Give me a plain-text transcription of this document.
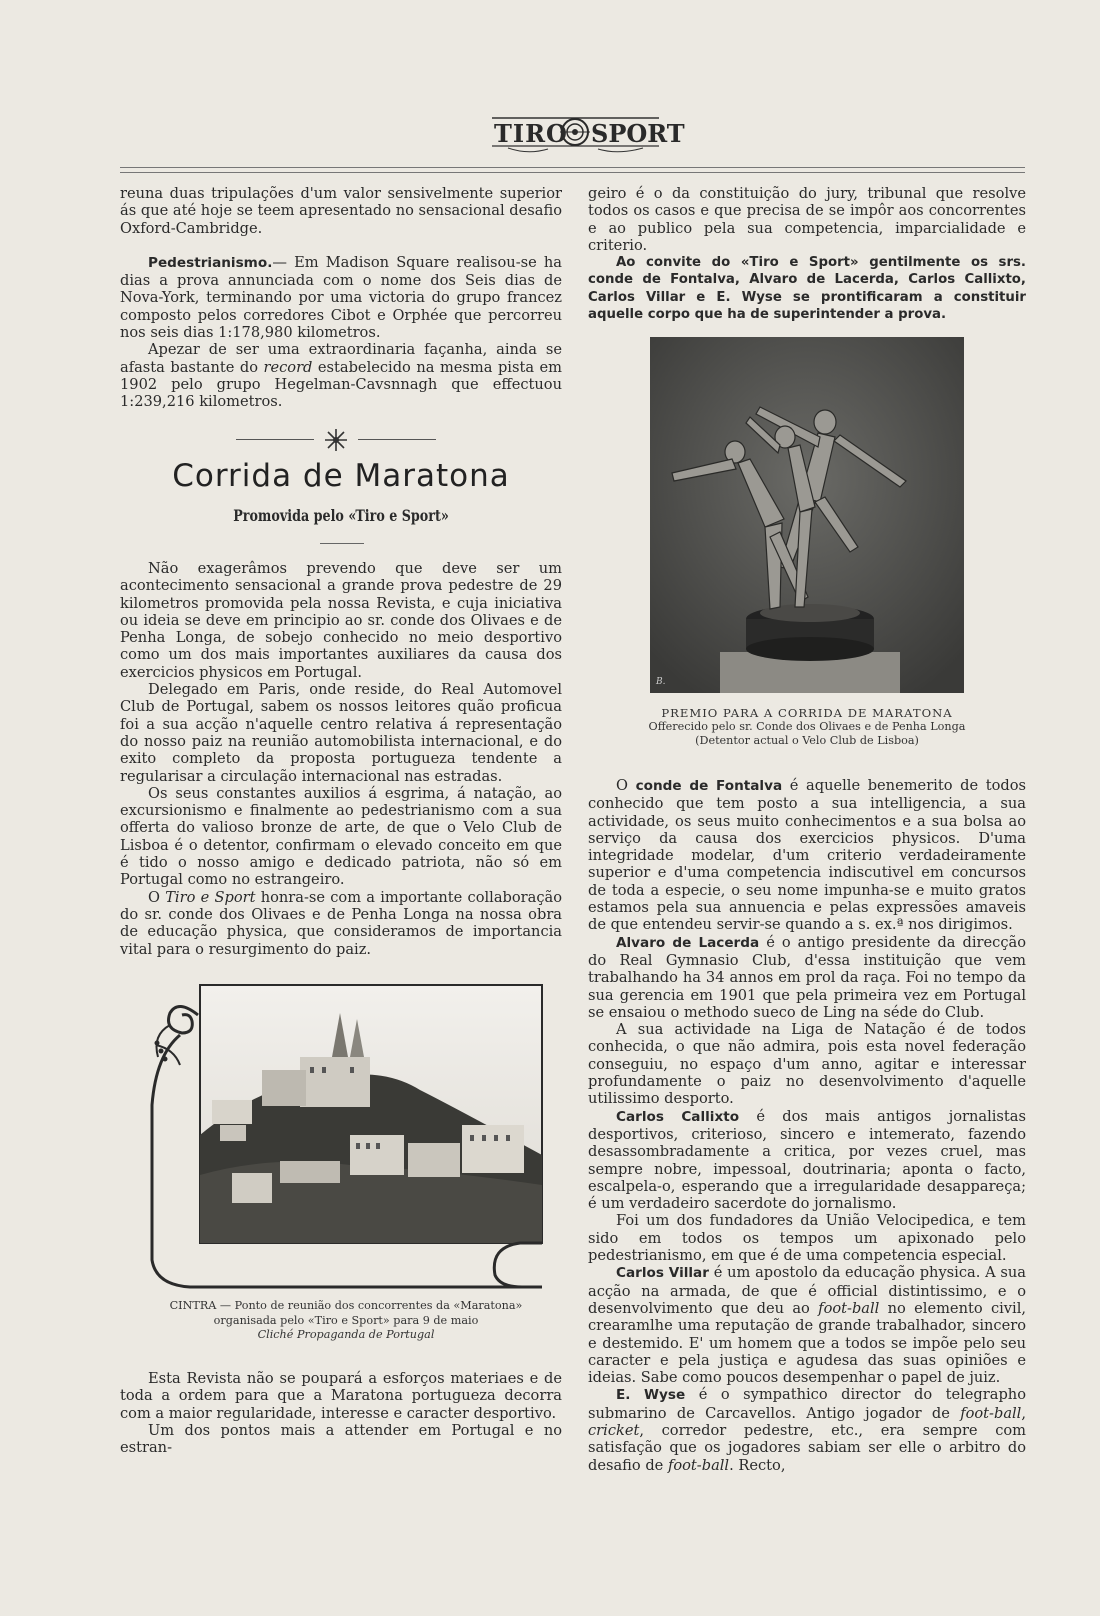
TIRO SPORT

reuna duas tripulações d'um valor sensivelmente superior ás que até hoje se teem apresentado no sensacional desafio Oxford-Cambridge.

Pedestrianismo.— Em Madison Square realisou-se ha dias a prova annunciada com o nome dos Seis dias de Nova-York, terminando por uma victoria do grupo francez composto pelos corredores Cibot e Orphée que percorreu nos seis dias 1:178,980 kilometros.

Apezar de ser uma extraordinaria façanha, ainda se afasta bastante do record estabelecido na mesma pista em 1902 pelo grupo Hegelman-Cavsnnagh que effectuou 1:239,216 kilometros.

Corrida de Maratona
Promovida pelo «Tiro e Sport»

Não exagerâmos prevendo que deve ser um acontecimento sensacional a grande prova pedestre de 29 kilometros promovida pela nossa Revista, e cuja iniciativa ou ideia se deve em principio ao sr. conde dos Olivaes e de Penha Longa, de sobejo conhecido no meio desportivo como um dos mais importantes auxiliares da causa dos exercicios physicos em Portugal.

Delegado em Paris, onde reside, do Real Automovel Club de Portugal, sabem os nossos leitores quão proficua foi a sua acção n'aquelle centro relativa á representação do nosso paiz na reunião automobilista internacional, e do exito completo da proposta portugueza tendente a regularisar a circulação internacional nas estradas.

Os seus constantes auxilios á esgrima, á natação, ao excursionismo e finalmente ao pedestrianismo com a sua offerta do valioso bronze de arte, de que o Velo Club de Lisboa é o detentor, confirmam o elevado conceito em que é tido o nosso amigo e dedicado patriota, não só em Portugal como no estrangeiro.

O Tiro e Sport honra-se com a importante collaboração do sr. conde dos Olivaes e de Penha Longa na nossa obra de educação physica, que consideramos de importancia vital para o resurgimento do paiz.

CINTRA — Ponto de reunião dos concorrentes da «Maratona»
organisada pelo «Tiro e Sport» para 9 de maio
Cliché Propaganda de Portugal

Esta Revista não se poupará a esforços materiaes e de toda a ordem para que a Maratona portugueza decorra com a maior regularidade, interesse e caracter desportivo.

Um dos pontos mais a attender em Portugal e no estran-

geiro é o da constituição do jury, tribunal que resolve todos os casos e que precisa de se impôr aos concorrentes e ao publico pela sua competencia, imparcialidade e criterio.

Ao convite do «Tiro e Sport» gentilmente os srs. conde de Fontalva, Alvaro de Lacerda, Carlos Callixto, Carlos Villar e E. Wyse se prontificaram a constituir aquelle corpo que ha de superintender a prova.

B.
PREMIO PARA A CORRIDA DE MARATONA
Offerecido pelo sr. Conde dos Olivaes e de Penha Longa
(Detentor actual o Velo Club de Lisboa)

O conde de Fontalva é aquelle benemerito de todos conhecido que tem posto a sua intelligencia, a sua actividade, os seus muito conhecimentos e a sua bolsa ao serviço da causa dos exercicios physicos. D'uma integridade modelar, d'um criterio verdadeiramente superior e d'uma competencia indiscutivel em concursos de toda a especie, o seu nome impunha-se e muito gratos estamos pela sua annuencia e pelas expressões amaveis de que entendeu servir-se quando a s. ex.ª nos dirigimos.

Alvaro de Lacerda é o antigo presidente da direcção do Real Gymnasio Club, d'essa instituição que vem trabalhando ha 34 annos em prol da raça. Foi no tempo da sua gerencia em 1901 que pela primeira vez em Portugal se ensaiou o methodo sueco de Ling na séde do Club.

A sua actividade na Liga de Natação é de todos conhecida, o que não admira, pois esta novel federação conseguiu, no espaço d'um anno, agitar e interessar profundamente o paiz no desenvolvimento d'aquelle utilissimo desporto.

Carlos Callixto é dos mais antigos jornalistas desportivos, criterioso, sincero e intemerato, fazendo desassombradamente a critica, por vezes cruel, mas sempre nobre, impessoal, doutrinaria; aponta o facto, escalpela-o, esperando que a irregularidade desappareça; é um verdadeiro sacerdote do jornalismo.

Foi um dos fundadores da União Velocipedica, e tem sido em todos os tempos um apixonado pelo pedestrianismo, em que é de uma competencia especial.

Carlos Villar é um apostolo da educação physica. A sua acção na armada, de que é official distintissimo, e o desenvolvimento que deu ao foot-ball no elemento civil, crearamlhe uma reputação de grande trabalhador, sincero e destemido. E' um homem que a todos se impõe pelo seu caracter e pela justiça e agudesa das suas opiniões e ideias. Sabe como poucos desempenhar o papel de juiz.

E. Wyse é o sympathico director do telegrapho submarino de Carcavellos. Antigo jogador de foot-ball, cricket, corredor pedestre, etc., era sempre com satisfação que os jogadores sabiam ser elle o arbitro do desafio de foot-ball. Recto,
